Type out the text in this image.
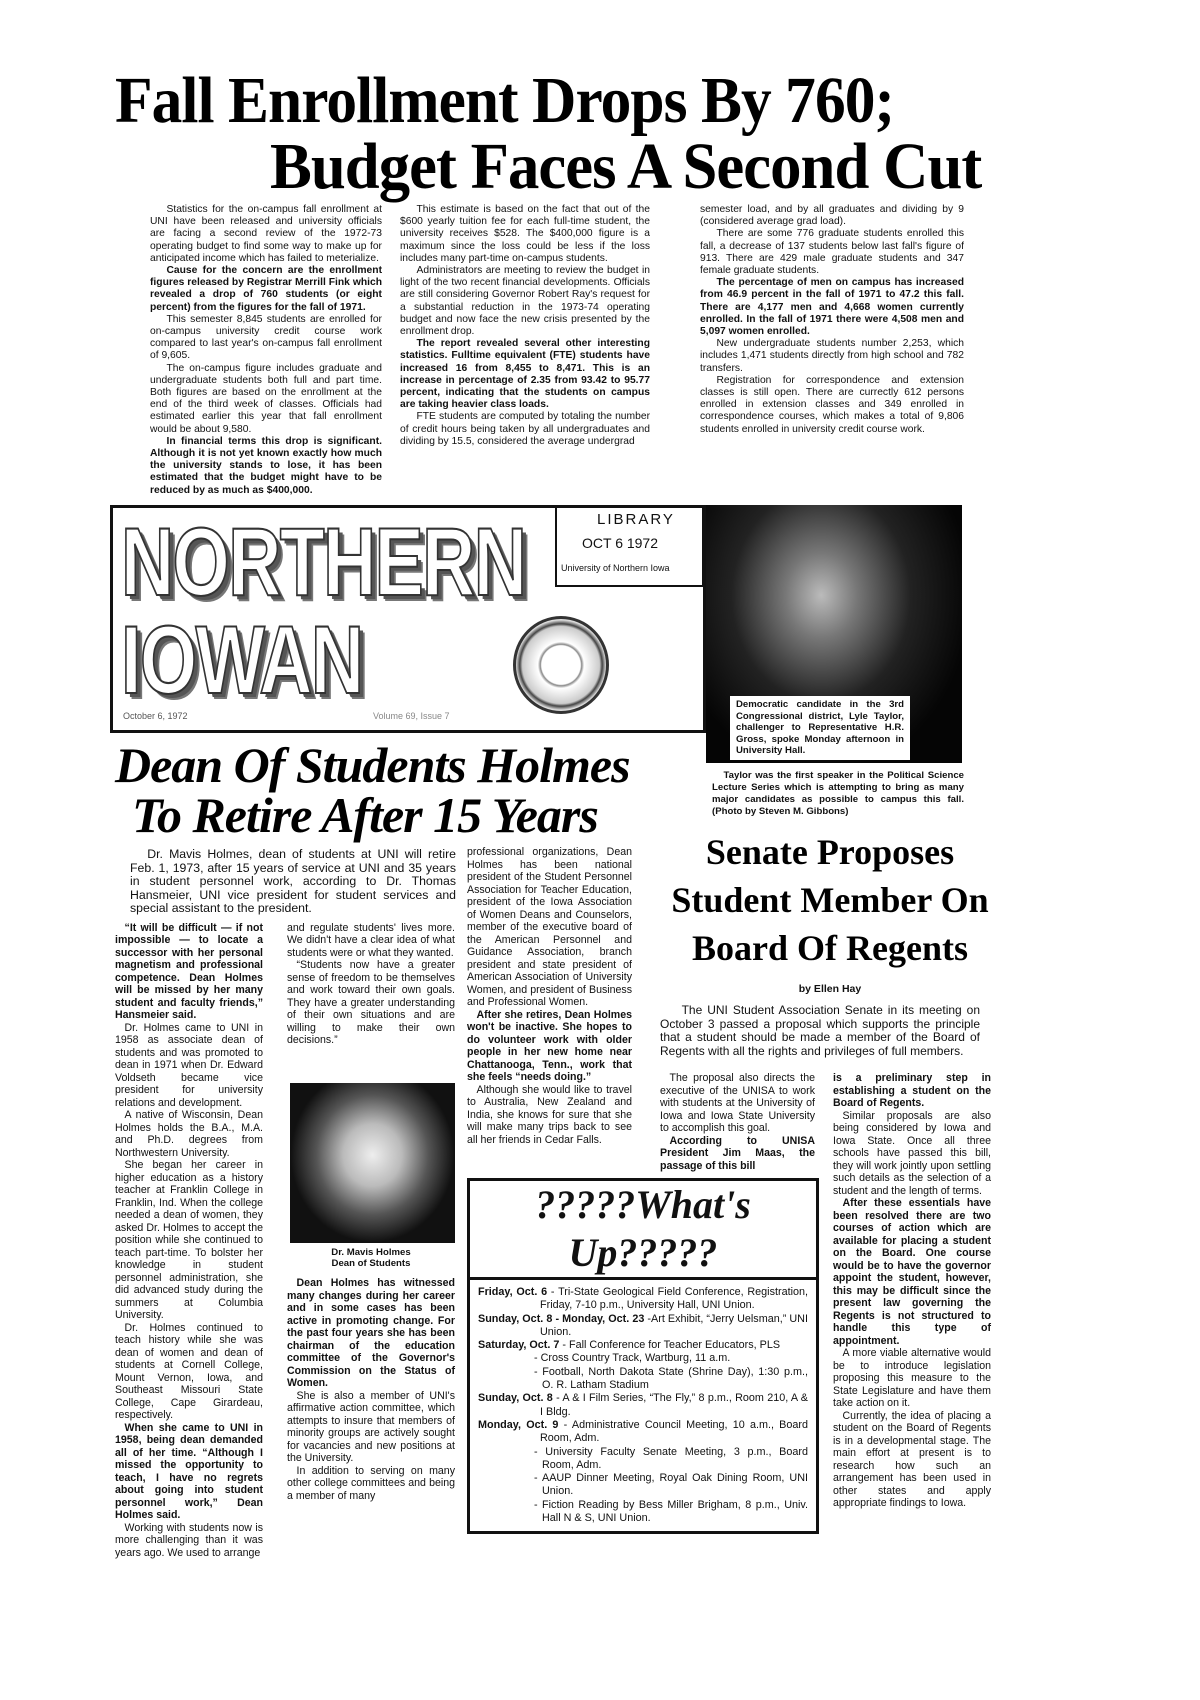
Fall Enrollment Drops By 760;
Budget Faces A Second Cut

Statistics for the on-campus fall enrollment at UNI have been released and university officials are facing a second review of the 1972-73 operating budget to find some way to make up for anticipated income which has failed to meterialize.

Cause for the concern are the enrollment figures released by Registrar Merrill Fink which revealed a drop of 760 students (or eight percent) from the figures for the fall of 1971.

This semester 8,845 students are enrolled for on-campus university credit course work compared to last year's on-campus fall enrollment of 9,605.

The on-campus figure includes graduate and undergraduate students both full and part time. Both figures are based on the enrollment at the end of the third week of classes. Officials had estimated earlier this year that fall enrollment would be about 9,580.

In financial terms this drop is significant. Although it is not yet known exactly how much the university stands to lose, it has been estimated that the budget might have to be reduced by as much as $400,000.

This estimate is based on the fact that out of the $600 yearly tuition fee for each full-time student, the university receives $528. The $400,000 figure is a maximum since the loss could be less if the loss includes many part-time on-campus students.

Administrators are meeting to review the budget in light of the two recent financial developments. Officials are still considering Governor Robert Ray's request for a substantial reduction in the 1973-74 operating budget and now face the new crisis presented by the enrollment drop.

The report revealed several other interesting statistics. Fulltime equivalent (FTE) students have increased 16 from 8,455 to 8,471. This is an increase in percentage of 2.35 from 93.42 to 95.77 percent, indicating that the students on campus are taking heavier class loads.

FTE students are computed by totaling the number of credit hours being taken by all undergraduates and dividing by 15.5, considered the average undergrad

semester load, and by all graduates and dividing by 9 (considered average grad load).

There are some 776 graduate students enrolled this fall, a decrease of 137 students below last fall's figure of 913. There are 429 male graduate students and 347 female graduate students.

The percentage of men on campus has increased from 46.9 percent in the fall of 1971 to 47.2 this fall. There are 4,177 men and 4,668 women currently enrolled. In the fall of 1971 there were 4,508 men and 5,097 women enrolled.

New undergraduate students number 2,253, which includes 1,471 students directly from high school and 782 transfers.

Registration for correspondence and extension classes is still open. There are currectly 612 persons enrolled in extension classes and 349 enrolled in correspondence courses, which makes a total of 9,806 students enrolled in university credit course work.

NORTHERN
IOWAN
October 6, 1972	Volume 69, Issue 7
LIBRARY
OCT 6 1972
University of Northern Iowa
Democratic candidate in the 3rd Congressional district, Lyle Taylor, challenger to Representative H.R. Gross, spoke Monday afternoon in University Hall.
Taylor was the first speaker in the Political Science Lecture Series which is attempting to bring as many major candidates as possible to campus this fall. (Photo by Steven M. Gibbons)
Dean Of Students Holmes
To Retire After 15 Years
Dr. Mavis Holmes, dean of students at UNI will retire Feb. 1, 1973, after 15 years of service at UNI and 35 years in student personnel work, according to Dr. Thomas Hansmeier, UNI vice president for student services and special assistant to the president.

“It will be difficult — if not impossible — to locate a successor with her personal magnetism and professional competence. Dean Holmes will be missed by her many student and faculty friends,” Hansmeier said.

Dr. Holmes came to UNI in 1958 as associate dean of students and was promoted to dean in 1971 when Dr. Edward Voldseth became vice president for university relations and development.

A native of Wisconsin, Dean Holmes holds the B.A., M.A. and Ph.D. degrees from Northwestern University.

She began her career in higher education as a history teacher at Franklin College in Franklin, Ind. When the college needed a dean of women, they asked Dr. Holmes to accept the position while she continued to teach part-time. To bolster her knowledge in student personnel administration, she did advanced study during the summers at Columbia University.

Dr. Holmes continued to teach history while she was dean of women and dean of students at Cornell College, Mount Vernon, Iowa, and Southeast Missouri State College, Cape Girardeau, respectively.

When she came to UNI in 1958, being dean demanded all of her time. “Although I missed the opportunity to teach, I have no regrets about going into student personnel work,” Dean Holmes said.

Working with students now is more challenging than it was years ago. We used to arrange

and regulate students' lives more. We didn't have a clear idea of what students were or what they wanted.

“Students now have a greater sense of freedom to be themselves and work toward their own goals. They have a greater understanding of their own situations and are willing to make their own decisions.”

Dr. Mavis Holmes
Dean of Students

Dean Holmes has witnessed many changes during her career and in some cases has been active in promoting change. For the past four years she has been chairman of the education committee of the Governor's Commission on the Status of Women.

She is also a member of UNI's affirmative action committee, which attempts to insure that members of minority groups are actively sought for vacancies and new positions at the University.

In addition to serving on many other college committees and being a member of many

professional organizations, Dean Holmes has been national president of the Student Personnel Association for Teacher Education, president of the Iowa Association of Women Deans and Counselors, member of the executive board of the American Personnel and Guidance Association, branch president and state president of American Association of University Women, and president of Business and Professional Women.

After she retires, Dean Holmes won't be inactive. She hopes to do volunteer work with older people in her new home near Chattanooga, Tenn., work that she feels “needs doing.”

Although she would like to travel to Australia, New Zealand and India, she knows for sure that she will make many trips back to see all her friends in Cedar Falls.

Senate Proposes
Student Member On
Board Of Regents
by Ellen Hay
The UNI Student Association Senate in its meeting on October 3 passed a proposal which supports the principle that a student should be made a member of the Board of Regents with all the rights and privileges of full members.

The proposal also directs the executive of the UNISA to work with students at the University of Iowa and Iowa State University to accomplish this goal.

According to UNISA President Jim Maas, the passage of this bill

is a preliminary step in establishing a student on the Board of Regents.

Similar proposals are also being considered by Iowa and Iowa State. Once all three schools have passed this bill, they will work jointly upon settling such details as the selection of a student and the length of terms.

After these essentials have been resolved there are two courses of action which are available for placing a student on the Board. One course would be to have the governor appoint the student, however, this may be difficult since the present law governing the Regents is not structured to handle this type of appointment.

A more viable alternative would be to introduce legislation proposing this measure to the State Legislature and have them take action on it.

Currently, the idea of placing a student on the Board of Regents is in a developmental stage. The main effort at present is to research how such an arrangement has been used in other states and apply appropriate findings to Iowa.

?????What's Up?????
Friday, Oct. 6 - Tri-State Geological Field Conference, Registration, Friday, 7-10 p.m., University Hall, UNI Union.
Sunday, Oct. 8 - Monday, Oct. 23 -Art Exhibit, “Jerry Uelsman,” UNI Union.
Saturday, Oct. 7 - Fall Conference for Teacher Educators, PLS
- Cross Country Track, Wartburg, 11 a.m.
- Football, North Dakota State (Shrine Day), 1:30 p.m., O. R. Latham Stadium
Sunday, Oct. 8 - A & I Film Series, “The Fly,” 8 p.m., Room 210, A & I Bldg.
Monday, Oct. 9 - Administrative Council Meeting, 10 a.m., Board Room, Adm.
- University Faculty Senate Meeting, 3 p.m., Board Room, Adm.
- AAUP Dinner Meeting, Royal Oak Dining Room, UNI Union.
- Fiction Reading by Bess Miller Brigham, 8 p.m., Univ. Hall N & S, UNI Union.
